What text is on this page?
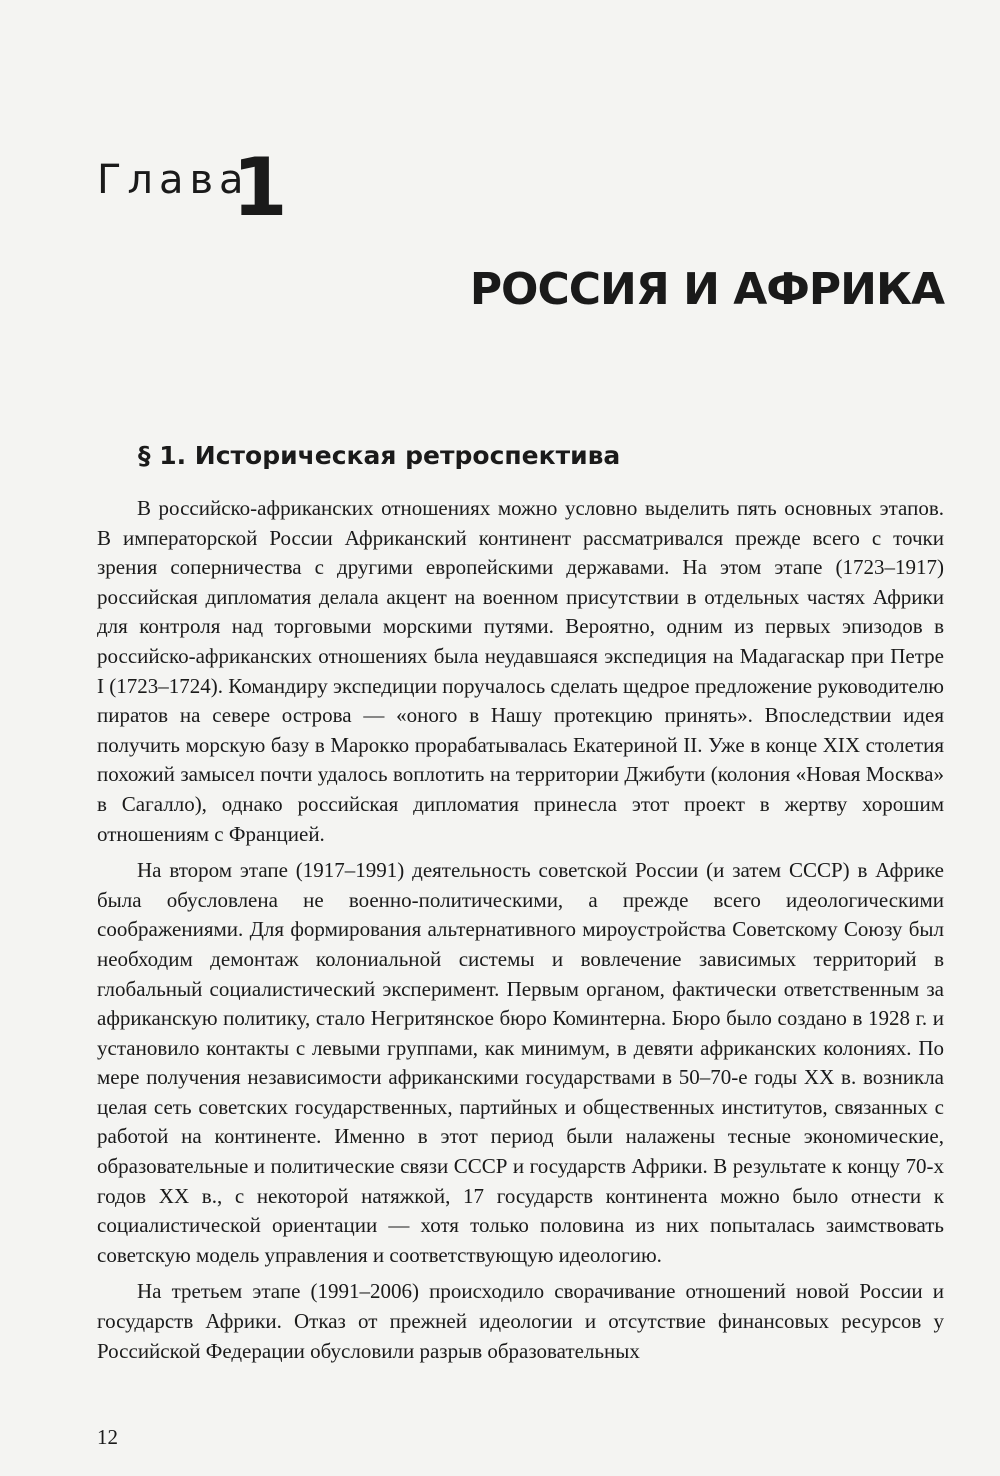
Глава
1
РОССИЯ И АФРИКА
§ 1. Историческая ретроспектива

В российско-африканских отношениях можно условно выделить пять основных этапов. В императорской России Африканский континент рассматривался прежде всего с точки зрения соперничества с другими европейскими державами. На этом этапе (1723–1917) российская дипломатия делала акцент на военном присутствии в отдельных частях Африки для контроля над торговыми морскими путями. Вероятно, одним из первых эпизодов в российско-африканских отношениях была неудавшаяся экспедиция на Мадагаскар при Петре I (1723–1724). Командиру экспедиции поручалось сделать щедрое предложение руководителю пиратов на севере острова — «оного в Нашу протекцию принять». Впоследствии идея получить морскую базу в Марокко прорабатывалась Екатериной II. Уже в конце XIX столетия похожий замысел почти удалось воплотить на территории Джибути (колония «Новая Москва» в Сагалло), однако российская дипломатия принесла этот проект в жертву хорошим отношениям с Францией.

На втором этапе (1917–1991) деятельность советской России (и затем СССР) в Африке была обусловлена не военно-политическими, а прежде всего идеологическими соображениями. Для формирования альтернативного мироустройства Советскому Союзу был необходим демонтаж колониальной системы и вовлечение зависимых территорий в глобальный социалистический эксперимент. Первым органом, фактически ответственным за африканскую политику, стало Негритянское бюро Коминтерна. Бюро было создано в 1928 г. и установило контакты с левыми группами, как минимум, в девяти африканских колониях. По мере получения независимости африканскими государствами в 50–70-е годы XX в. возникла целая сеть советских государственных, партийных и общественных институтов, связанных с работой на континенте. Именно в этот период были налажены тесные экономические, образовательные и политические связи СССР и государств Африки. В результате к концу 70-х годов XX в., с некоторой натяжкой, 17 государств континента можно было отнести к социалистической ориентации — хотя только половина из них попыталась заимствовать советскую модель управления и соответствующую идеологию.

На третьем этапе (1991–2006) происходило сворачивание отношений новой России и государств Африки. Отказ от прежней идеологии и отсутствие финансовых ресурсов у Российской Федерации обусловили разрыв образовательных

12
